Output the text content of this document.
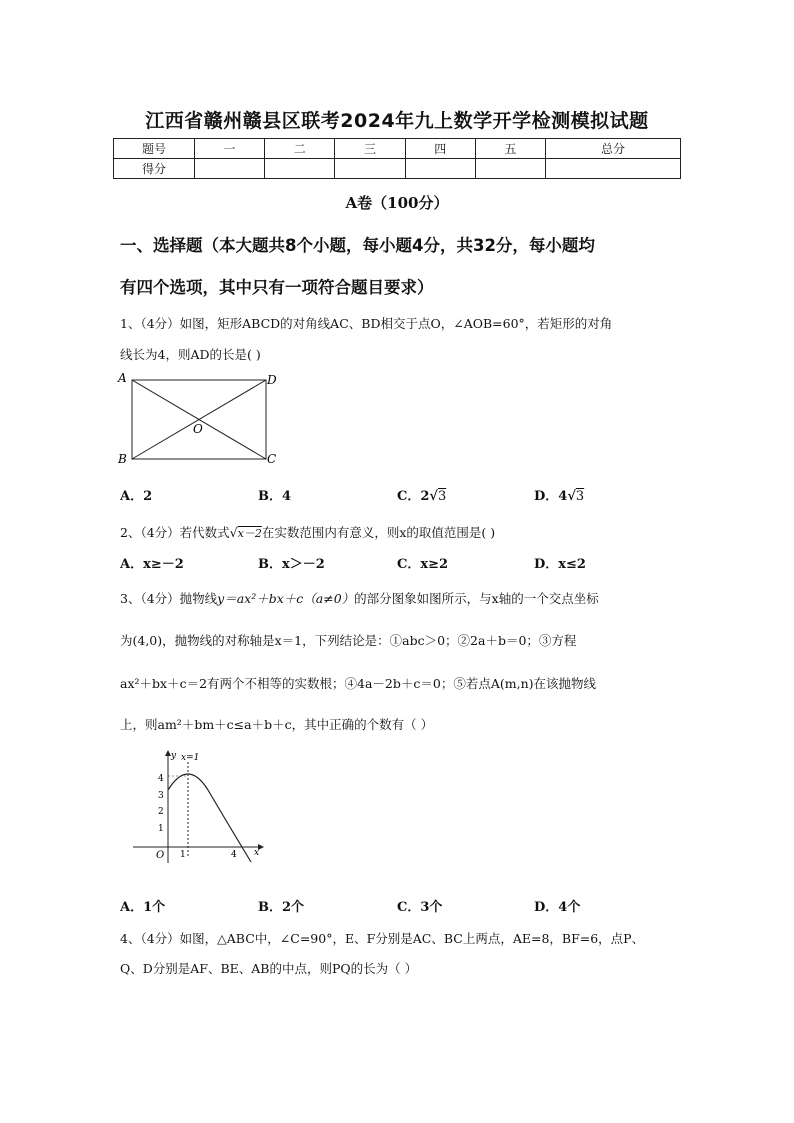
江西省赣州赣县区联考2024年九上数学开学检测模拟试题
题号	一	二	三	四	五	总分
得分						
A卷（100分）
一、选择题（本大题共8个小题，每小题4分，共32分，每小题均
有四个选项，其中只有一项符合题目要求）
1、（4分）如图，矩形ABCD的对角线AC、BD相交于点O，∠AOB=60°，若矩形的对角
线长为4，则AD的长是( )
A
B	C
D
O
A．2	B．4	C．2√3	D．4√3
2、（4分）若代数式√x－2在实数范围内有意义，则x的取值范围是( )
A．x≥－2	B．x＞－2	C．x≥2	D．x≤2
3、（4分）抛物线y＝ax²＋bx＋c（a≠0）的部分图象如图所示，与x轴的一个交点坐标
为(4,0)，抛物线的对称轴是x＝1，下列结论是：①abc＞0；②2a＋b＝0；③方程
ax²＋bx＋c＝2有两个不相等的实数根；④4a－2b＋c＝0；⑤若点A(m,n)在该抛物线
上，则am²＋bm＋c≤a＋b＋c，其中正确的个数有（ ）
x=1
4
3
2
1
O 1	4 x
y
A．1个	B．2个	C．3个	D．4个
4、（4分）如图，△ABC中，∠C=90°，E、F分别是AC、BC上两点，AE=8，BF=6，点P、
Q、D分别是AF、BE、AB的中点，则PQ的长为（ ）
